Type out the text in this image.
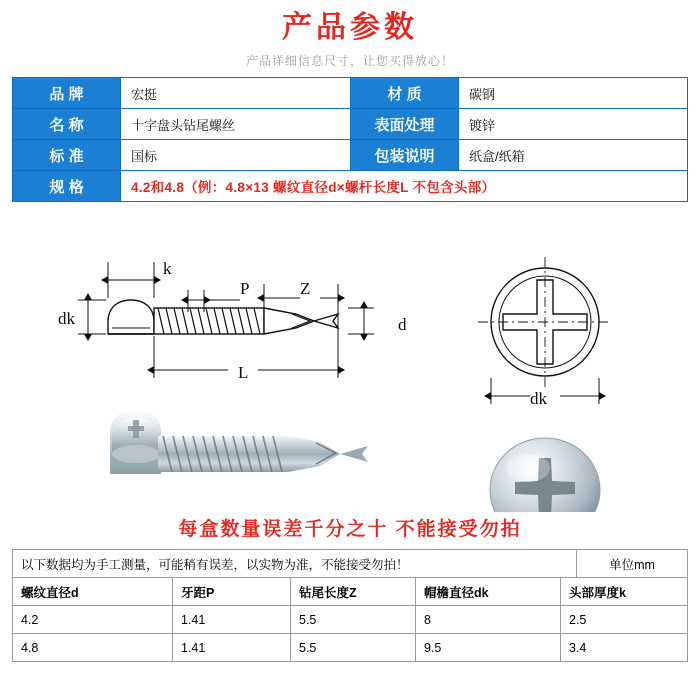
产品参数
产品详细信息尺寸，让您买得放心！
品 牌	宏挺	材 质	碳钢
名 称	十字盘头钻尾螺丝	表面处理	镀锌
标 准	国标	包装说明	纸盒/纸箱
规 格	4.2和4.8（例：4.8×13 螺纹直径d×螺杆长度L 不包含头部）
k
P	Z
dk	d
L
dk
每盒数量误差千分之十 不能接受勿拍
以下数据均为手工测量，可能稍有误差，以实物为准，不能接受勿拍！	单位mm
螺纹直径d	牙距P	钻尾长度Z	帽檐直径dk	头部厚度k
4.2	1.41	5.5	8	2.5
4.8	1.41	5.5	9.5	3.4
